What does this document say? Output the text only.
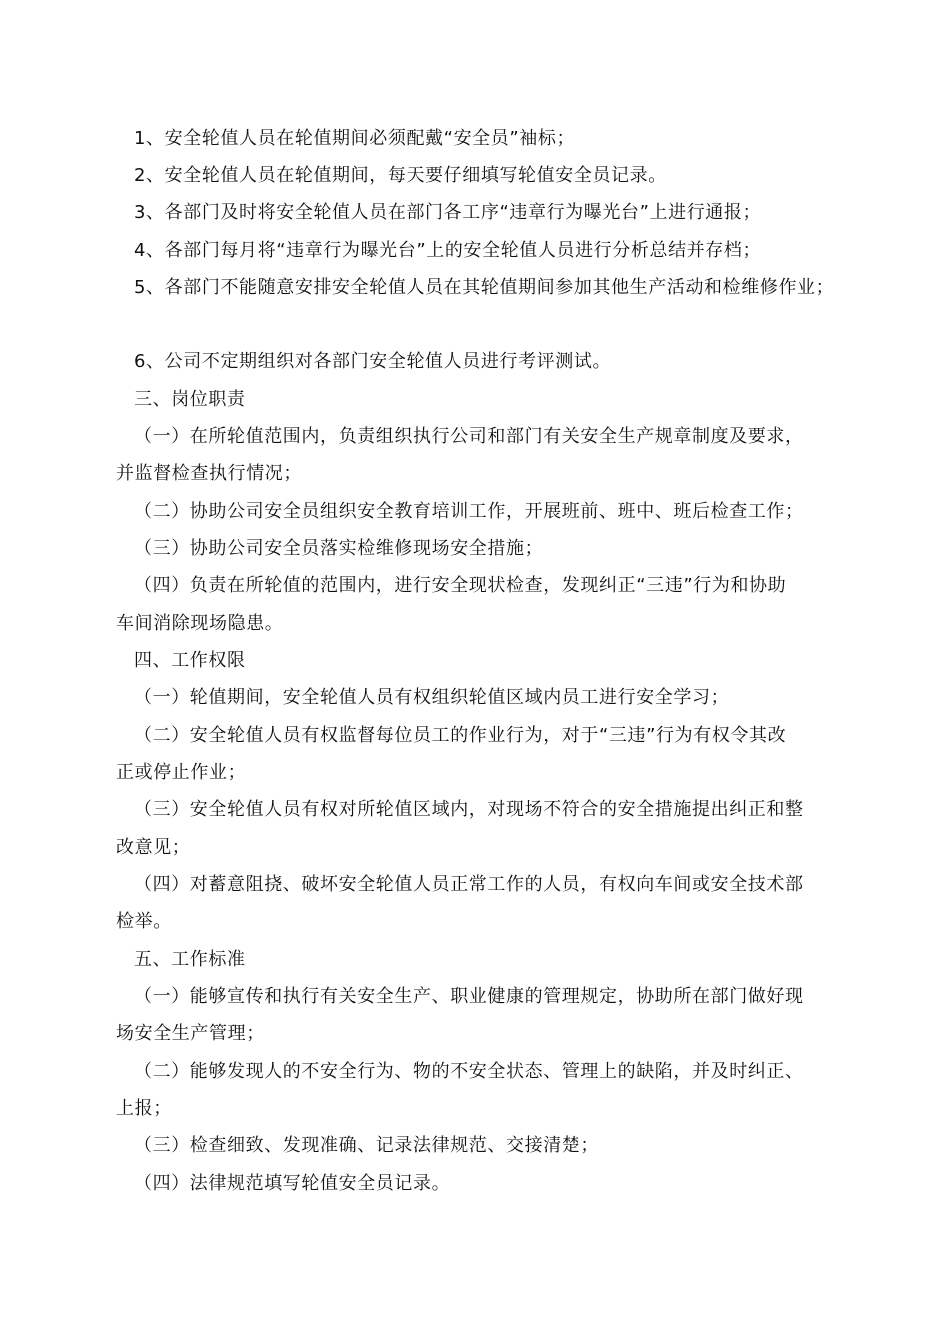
1、安全轮值人员在轮值期间必须配戴“安全员”袖标；
2、安全轮值人员在轮值期间，每天要仔细填写轮值安全员记录。
3、各部门及时将安全轮值人员在部门各工序“违章行为曝光台”上进行通报；
4、各部门每月将“违章行为曝光台”上的安全轮值人员进行分析总结并存档；
5、各部门不能随意安排安全轮值人员在其轮值期间参加其他生产活动和检维修作业；
6、公司不定期组织对各部门安全轮值人员进行考评测试。
三、岗位职责
（一）在所轮值范围内，负责组织执行公司和部门有关安全生产规章制度及要求，
并监督检查执行情况；
（二）协助公司安全员组织安全教育培训工作，开展班前、班中、班后检查工作；
（三）协助公司安全员落实检维修现场安全措施；
（四）负责在所轮值的范围内，进行安全现状检查，发现纠正“三违”行为和协助
车间消除现场隐患。
四、工作权限
（一）轮值期间，安全轮值人员有权组织轮值区域内员工进行安全学习；
（二）安全轮值人员有权监督每位员工的作业行为，对于“三违”行为有权令其改
正或停止作业；
（三）安全轮值人员有权对所轮值区域内，对现场不符合的安全措施提出纠正和整
改意见；
（四）对蓄意阻挠、破坏安全轮值人员正常工作的人员，有权向车间或安全技术部
检举。
五、工作标准
（一）能够宣传和执行有关安全生产、职业健康的管理规定，协助所在部门做好现
场安全生产管理；
（二）能够发现人的不安全行为、物的不安全状态、管理上的缺陷，并及时纠正、
上报；
（三）检查细致、发现准确、记录法律规范、交接清楚；
（四）法律规范填写轮值安全员记录。
